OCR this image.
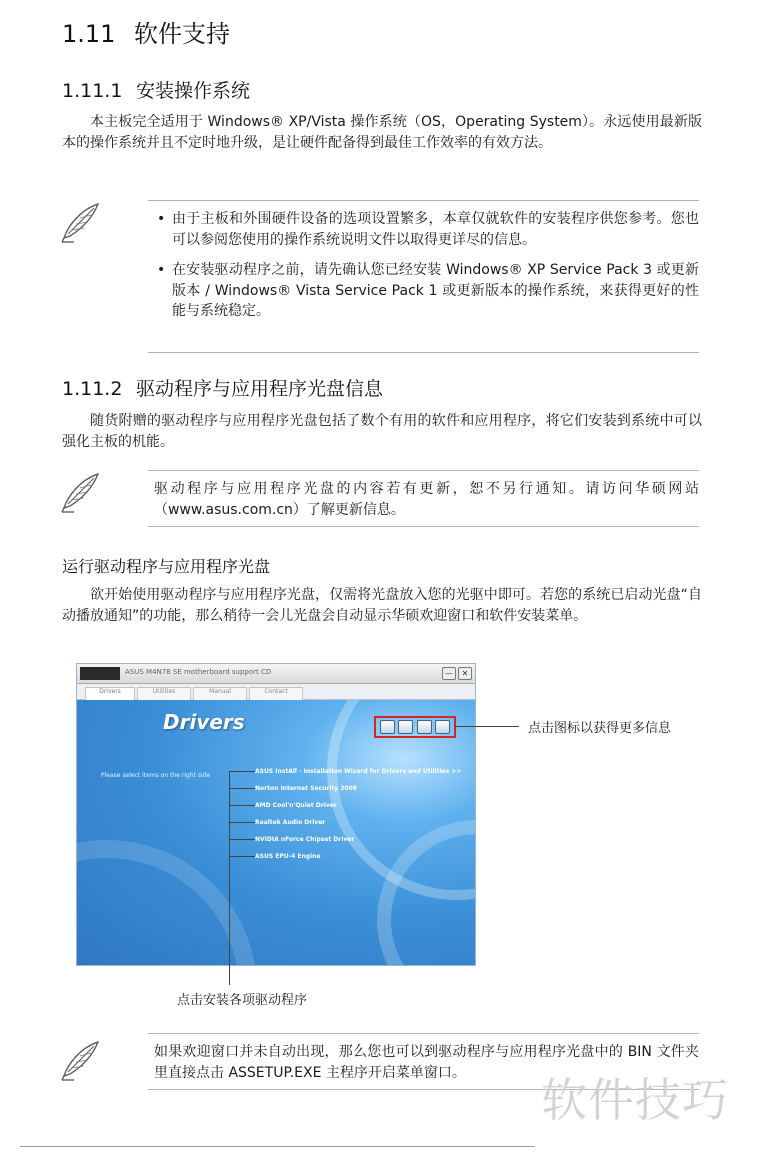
1.11 软件支持
1.11.1 安装操作系统
本主板完全适用于 Windows® XP/Vista 操作系统（OS，Operating System）。永远使用最新版本的操作系统并且不定时地升级，是让硬件配备得到最佳工作效率的有效方法。
• 由于主板和外围硬件设备的选项设置繁多，本章仅就软件的安装程序供您参考。您也可以参阅您使用的操作系统说明文件以取得更详尽的信息。
• 在安装驱动程序之前，请先确认您已经安装 Windows® XP Service Pack 3 或更新版本 / Windows® Vista Service Pack 1 或更新版本的操作系统，来获得更好的性能与系统稳定。
1.11.2 驱动程序与应用程序光盘信息
随货附赠的驱动程序与应用程序光盘包括了数个有用的软件和应用程序，将它们安装到系统中可以强化主板的机能。
驱动程序与应用程序光盘的内容若有更新，恕不另行通知。请访问华硕网站（www.asus.com.cn）了解更新信息。
运行驱动程序与应用程序光盘
欲开始使用驱动程序与应用程序光盘，仅需将光盘放入您的光驱中即可。若您的系统已启动光盘“自动播放通知”的功能，那么稍待一会儿光盘会自动显示华硕欢迎窗口和软件安装菜单。
ASUS M4N78 SE motherboard support CD	—	✕
Drivers	Utilities	Manual	Contact
Drivers
Please select items on the right side
ASUS InstAll - Installation Wizard for Drivers and Utilities >>
Norton Internet Security 2008
AMD Cool'n'Quiet Driver
Realtek Audio Driver
NVIDIA nForce Chipset Driver
ASUS EPU-4 Engine
点击图标以获得更多信息
点击安装各项驱动程序
如果欢迎窗口并未自动出现，那么您也可以到驱动程序与应用程序光盘中的 BIN 文件夹里直接点击 ASSETUP.EXE 主程序开启菜单窗口。
软件技巧
